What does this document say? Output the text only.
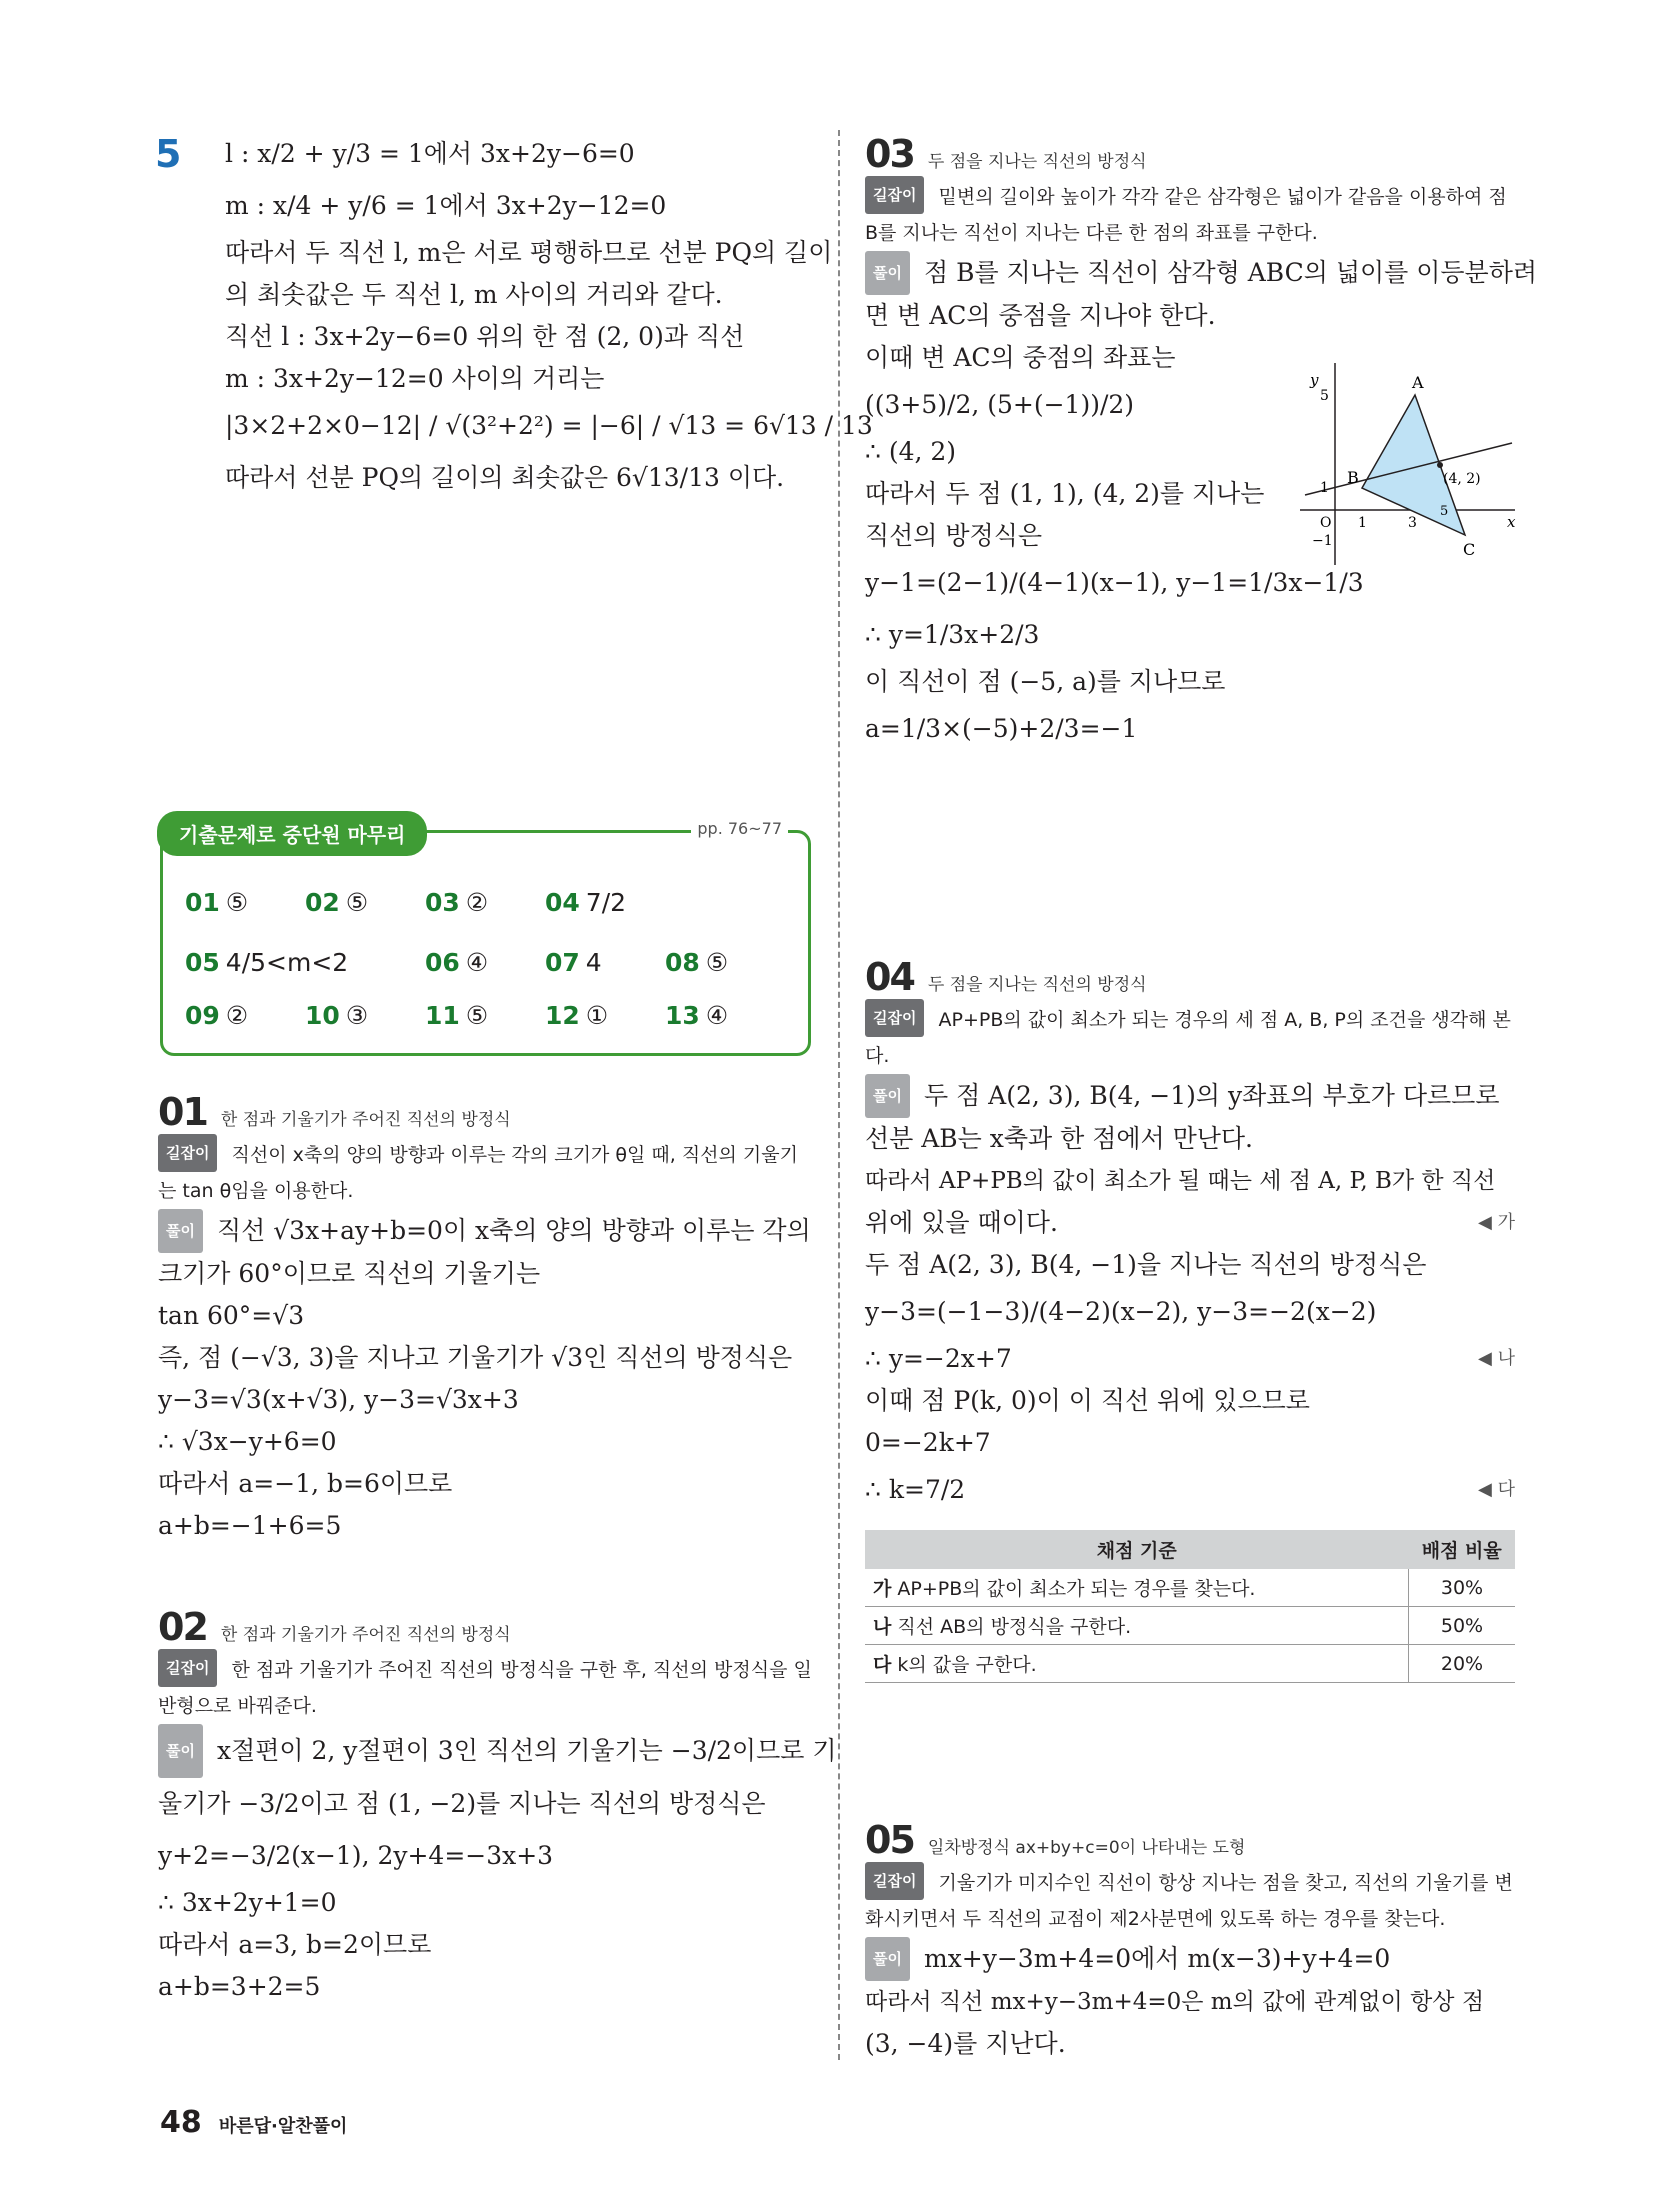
5 l : x/2 + y/3 = 1에서 3x+2y−6=0
m : x/4 + y/6 = 1에서 3x+2y−12=0
따라서 두 직선 l, m은 서로 평행하므로 선분 PQ의 길이
의 최솟값은 두 직선 l, m 사이의 거리와 같다.
직선 l : 3x+2y−6=0 위의 한 점 (2, 0)과 직선
m : 3x+2y−12=0 사이의 거리는
|3×2+2×0−12| / √(3²+2²) = |−6| / √13 = 6√13 / 13
따라서 선분 PQ의 길이의 최솟값은 6√13/13 이다.
기출문제로 중단원 마무리	pp. 76~77
01 ⑤ 02 ⑤ 03 ② 04 7/2
05 4/5<m<2	06 ④ 07 4	08 ⑤
09 ② 10 ③ 11 ⑤ 12 ① 13 ④
01 한 점과 기울기가 주어진 직선의 방정식
길잡이 직선이 x축의 양의 방향과 이루는 각의 크기가 θ일 때, 직선의 기울기는 tan θ임을 이용한다.
풀이 직선 √3x+ay+b=0이 x축의 양의 방향과 이루는 각의
크기가 60°이므로 직선의 기울기는
tan 60°=√3
즉, 점 (−√3, 3)을 지나고 기울기가 √3인 직선의 방정식은
y−3=√3(x+√3), y−3=√3x+3
∴ √3x−y+6=0
따라서 a=−1, b=6이므로
a+b=−1+6=5
02 한 점과 기울기가 주어진 직선의 방정식
길잡이 한 점과 기울기가 주어진 직선의 방정식을 구한 후, 직선의 방정식을 일반형으로 바꿔준다.
풀이 x절편이 2, y절편이 3인 직선의 기울기는 −3/2이므로 기
울기가 −3/2이고 점 (1, −2)를 지나는 직선의 방정식은
y+2=−3/2(x−1), 2y+4=−3x+3
∴ 3x+2y+1=0
따라서 a=3, b=2이므로
a+b=3+2=5
03 두 점을 지나는 직선의 방정식
길잡이 밑변의 길이와 높이가 각각 같은 삼각형은 넓이가 같음을 이용하여 점 B를 지나는 직선이 지나는 다른 한 점의 좌표를 구한다.
풀이 점 B를 지나는 직선이 삼각형 ABC의 넓이를 이등분하려
면 변 AC의 중점을 지나야 한다.
이때 변 AC의 중점의 좌표는
((3+5)/2, (5+(−1))/2)
∴ (4, 2)
따라서 두 점 (1, 1), (4, 2)를 지나는
직선의 방정식은
y−1=(2−1)/(4−1)(x−1), y−1=1/3x−1/3
∴ y=1/3x+2/3
이 직선이 점 (−5, a)를 지나므로
a=1/3×(−5)+2/3=−1
y
x
5
1
−1
O 1	3
A
B
C
(4, 2)
5
04 두 점을 지나는 직선의 방정식
길잡이 AP+PB의 값이 최소가 되는 경우의 세 점 A, B, P의 조건을 생각해 본다.
풀이 두 점 A(2, 3), B(4, −1)의 y좌표의 부호가 다르므로
선분 AB는 x축과 한 점에서 만난다.
따라서 AP+PB의 값이 최소가 될 때는 세 점 A, P, B가 한 직선
위에 있을 때이다.	◀ 가
두 점 A(2, 3), B(4, −1)을 지나는 직선의 방정식은
y−3=(−1−3)/(4−2)(x−2), y−3=−2(x−2)
∴ y=−2x+7	◀ 나
이때 점 P(k, 0)이 이 직선 위에 있으므로
0=−2k+7
∴ k=7/2	◀ 다
채점 기준	배점 비율
가 AP+PB의 값이 최소가 되는 경우를 찾는다.	30%
나 직선 AB의 방정식을 구한다.	50%
다 k의 값을 구한다.	20%
05 일차방정식 ax+by+c=0이 나타내는 도형
길잡이 기울기가 미지수인 직선이 항상 지나는 점을 찾고, 직선의 기울기를 변화시키면서 두 직선의 교점이 제2사분면에 있도록 하는 경우를 찾는다.
풀이 mx+y−3m+4=0에서 m(x−3)+y+4=0
따라서 직선 mx+y−3m+4=0은 m의 값에 관계없이 항상 점
(3, −4)를 지난다.
48 바른답·알찬풀이
